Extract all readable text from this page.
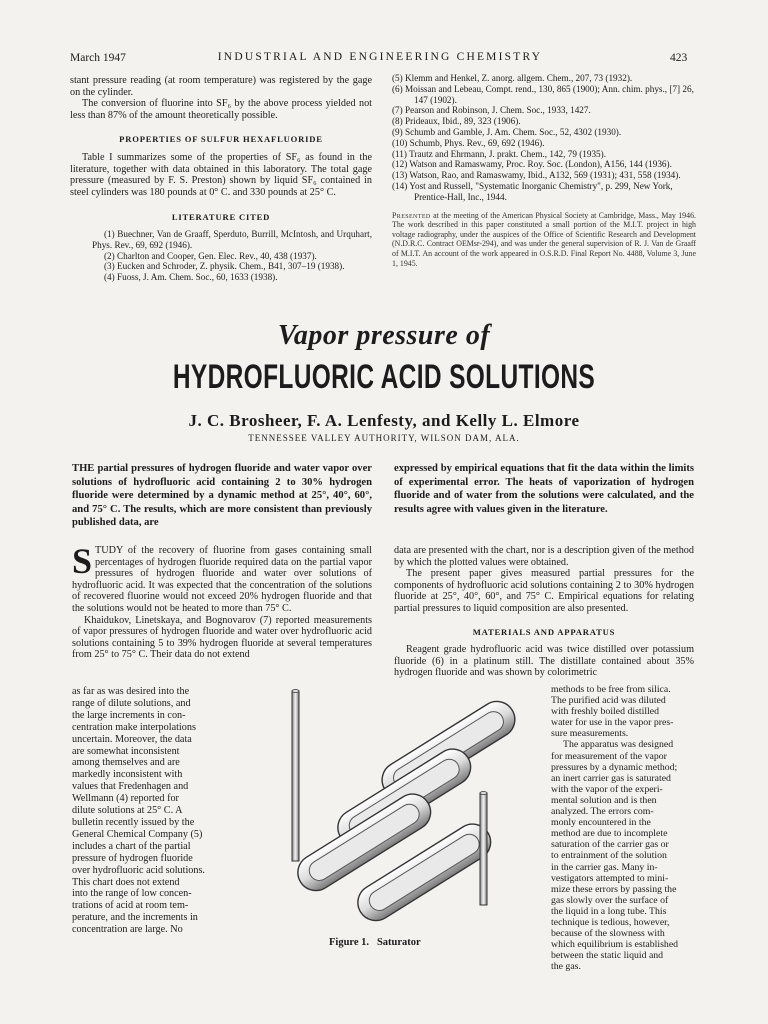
March 1947	INDUSTRIAL AND ENGINEERING CHEMISTRY	423

stant pressure reading (at room temperature) was registered by the gage on the cylinder.

The conversion of fluorine into SF₆ by the above process yielded not less than 87% of the amount theoretically possible.

PROPERTIES OF SULFUR HEXAFLUORIDE

Table I summarizes some of the properties of SF₆ as found in the literature, together with data obtained in this laboratory. The total gage pressure (measured by F. S. Preston) shown by liquid SF₆ contained in steel cylinders was 180 pounds at 0° C. and 330 pounds at 25° C.

LITERATURE CITED

(1) Buechner, Van de Graaff, Sperduto, Burrill, McIntosh, and Urquhart, Phys. Rev., 69, 692 (1946).

(2) Charlton and Cooper, Gen. Elec. Rev., 40, 438 (1937).

(3) Eucken and Schroder, Z. physik. Chem., B41, 307–19 (1938).

(4) Fuoss, J. Am. Chem. Soc., 60, 1633 (1938).

(5) Klemm and Henkel, Z. anorg. allgem. Chem., 207, 73 (1932).

(6) Moissan and Lebeau, Compt. rend., 130, 865 (1900); Ann. chim. phys., [7] 26, 147 (1902).

(7) Pearson and Robinson, J. Chem. Soc., 1933, 1427.

(8) Prideaux, Ibid., 89, 323 (1906).

(9) Schumb and Gamble, J. Am. Chem. Soc., 52, 4302 (1930).

(10) Schumb, Phys. Rev., 69, 692 (1946).

(11) Trautz and Ehrmann, J. prakt. Chem., 142, 79 (1935).

(12) Watson and Ramaswamy, Proc. Roy. Soc. (London), A156, 144 (1936).

(13) Watson, Rao, and Ramaswamy, Ibid., A132, 569 (1931); 431, 558 (1934).

(14) Yost and Russell, "Systematic Inorganic Chemistry", p. 299, New York, Prentice-Hall, Inc., 1944.

Presented at the meeting of the American Physical Society at Cambridge, Mass., May 1946. The work described in this paper constituted a small portion of the M.I.T. project in high voltage radiography, under the auspices of the Office of Scientific Research and Development (N.D.R.C. Contract OEMsr-294), and was under the general supervision of R. J. Van de Graaff of M.I.T. An account of the work appeared in O.S.R.D. Final Report No. 4488, Volume 3, June 1, 1945.
Vapor pressure of
HYDROFLUORIC ACID SOLUTIONS
J. C. Brosheer, F. A. Lenfesty, and Kelly L. Elmore
TENNESSEE VALLEY AUTHORITY, WILSON DAM, ALA.
THE partial pressures of hydrogen fluoride and water vapor over solutions of hydrofluoric acid containing 2 to 30% hydrogen fluoride were determined by a dynamic method at 25°, 40°, 60°, and 75° C. The results, which are more consistent than previously published data, are
expressed by empirical equations that fit the data within the limits of experimental error. The heats of vaporization of hydrogen fluoride and of water from the solutions were calculated, and the results agree with values given in the literature.

STUDY of the recovery of fluorine from gases containing small percentages of hydrogen fluoride required data on the partial vapor pressures of hydrogen fluoride and water over solutions of hydrofluoric acid. It was expected that the concentration of the solutions of recovered fluorine would not exceed 20% hydrogen fluoride and that the solutions would not be heated to more than 75° C.

Khaidukov, Linetskaya, and Bognovarov (7) reported measurements of vapor pressures of hydrogen fluoride and water over hydrofluoric acid solutions containing 5 to 39% hydrogen fluoride at several temperatures from 25° to 75° C. Their data do not extend

as far as was desired into the
range of dilute solutions, and
the large increments in con-
centration make interpolations
uncertain. Moreover, the data
are somewhat inconsistent
among themselves and are
markedly inconsistent with
values that Fredenhagen and
Wellmann (4) reported for
dilute solutions at 25° C. A
bulletin recently issued by the
General Chemical Company (5)
includes a chart of the partial
pressure of hydrogen fluoride
over hydrofluoric acid solutions.
This chart does not extend
into the range of low concen-
trations of acid at room tem-
perature, and the increments in
concentration are large. No
Figure 1. Saturator

data are presented with the chart, nor is a description given of the method by which the plotted values were obtained.

The present paper gives measured partial pressures for the components of hydrofluoric acid solutions containing 2 to 30% hydrogen fluoride at 25°, 40°, 60°, and 75° C. Empirical equations for relating partial pressures to liquid composition are also presented.

MATERIALS AND APPARATUS

Reagent grade hydrofluoric acid was twice distilled over potassium fluoride (6) in a platinum still. The distillate contained about 35% hydrogen fluoride and was shown by colorimetric

methods to be free from silica.
The purified acid was diluted
with freshly boiled distilled
water for use in the vapor pres-
sure measurements.
The apparatus was designed
for measurement of the vapor
pressures by a dynamic method;
an inert carrier gas is saturated
with the vapor of the experi-
mental solution and is then
analyzed. The errors com-
monly encountered in the
method are due to incomplete
saturation of the carrier gas or
to entrainment of the solution
in the carrier gas. Many in-
vestigators attempted to mini-
mize these errors by passing the
gas slowly over the surface of
the liquid in a long tube. This
technique is tedious, however,
because of the slowness with
which equilibrium is established
between the static liquid and
the gas.
